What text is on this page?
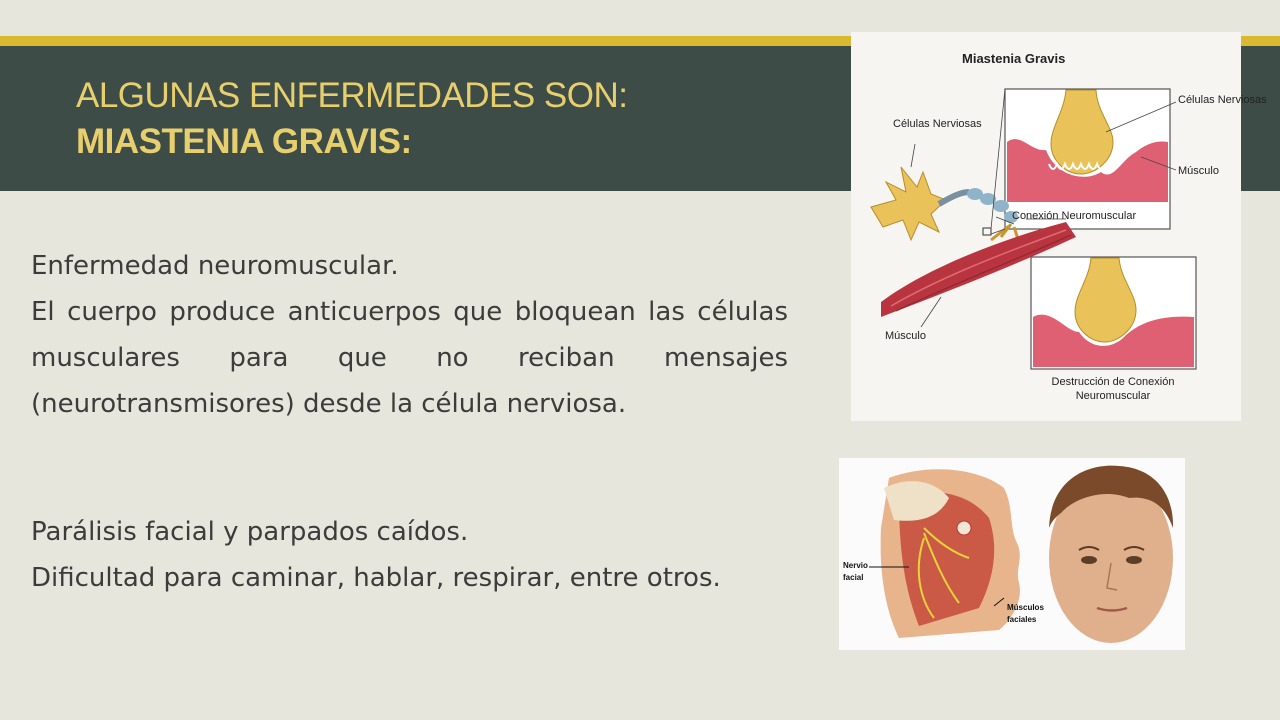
ALGUNAS ENFERMEDADES SON:
MIASTENIA GRAVIS:

Enfermedad neuromuscular.

El cuerpo produce anticuerpos que bloquean las células musculares para que no reciban mensajes (neurotransmisores) desde la célula nerviosa.

Parálisis facial y parpados caídos.

Dificultad para caminar, hablar, respirar, entre otros.

Miastenia Gravis
Células Nerviosas
Células Nerviosas
Músculo
Conexión Neuromuscular
Músculo
Destrucción de Conexión
Neuromuscular
Nervio
facial
Músculos
faciales
